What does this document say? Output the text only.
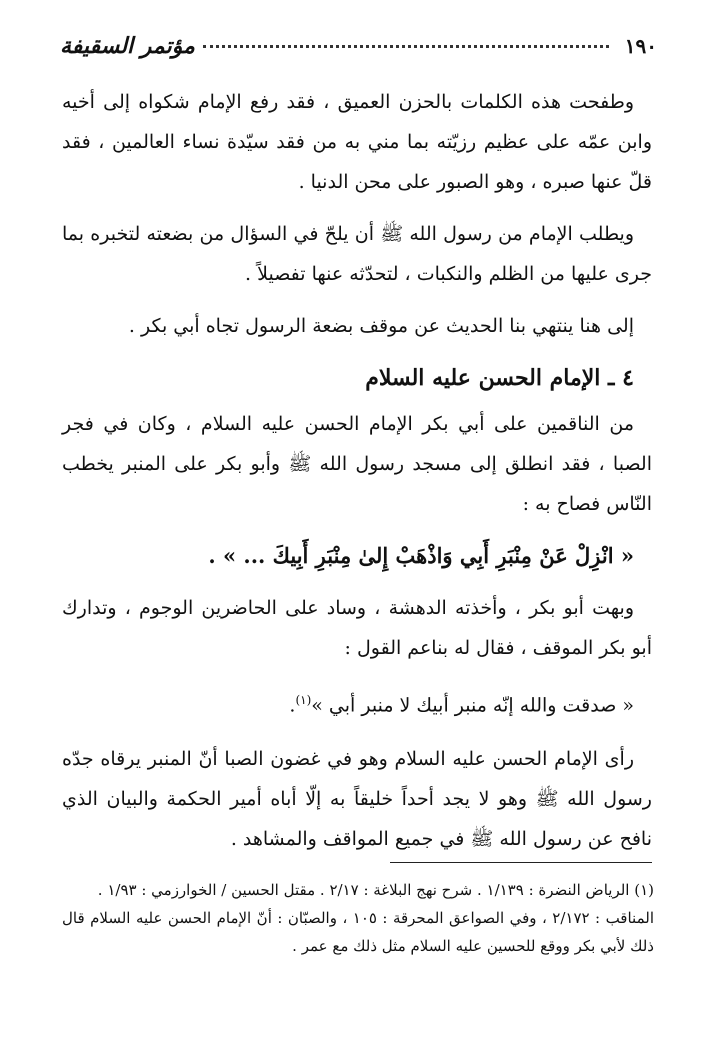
١٩٠
مؤتمر السقيفة

وطفحت هذه الكلمات بالحزن العميق ، فقد رفع الإمام شكواه إلى أخيه وابن عمّه على عظيم رزيّته بما مني به من فقد سيّدة نساء العالمين ، فقد قلّ عنها صبره ، وهو الصبور على محن الدنيا .

ويطلب الإمام من رسول الله ﷺ أن يلحّ في السؤال من بضعته لتخبره بما جرى عليها من الظلم والنكبات ، لتحدّثه عنها تفصيلاً .

إلى هنا ينتهي بنا الحديث عن موقف بضعة الرسول تجاه أبي بكر .

٤ ـ الإمام الحسن عليه السلام

من الناقمين على أبي بكر الإمام الحسن عليه السلام ، وكان في فجر الصبا ، فقد انطلق إلى مسجد رسول الله ﷺ وأبو بكر على المنبر يخطب النّاس فصاح به :

« انْزِلْ عَنْ مِنْبَرِ أَبِي وَاذْهَبْ إِلىٰ مِنْبَرِ أَبِيكَ ... » .

وبهت أبو بكر ، وأخذته الدهشة ، وساد على الحاضرين الوجوم ، وتدارك أبو بكر الموقف ، فقال له بناعم القول :

« صدقت والله إنّه منبر أبيك لا منبر أبي »$^{(١)}$.

رأى الإمام الحسن عليه السلام وهو في غضون الصبا أنّ المنبر يرقاه جدّه رسول الله ﷺ وهو لا يجد أحداً خليقاً به إلّا أباه أمير الحكمة والبيان الذي نافح عن رسول الله ﷺ في جميع المواقف والمشاهد .

(١) الرياض النضرة : ١/١٣٩ . شرح نهج البلاغة : ٢/١٧ . مقتل الحسين / الخوارزمي : ١/٩٣ .

المناقب : ٢/١٧٢ ، وفي الصواعق المحرقة : ١٠٥ ، والصبّان : أنّ الإمام الحسن عليه السلام قال ذلك لأبي بكر ووقع للحسين عليه السلام مثل ذلك مع عمر .
